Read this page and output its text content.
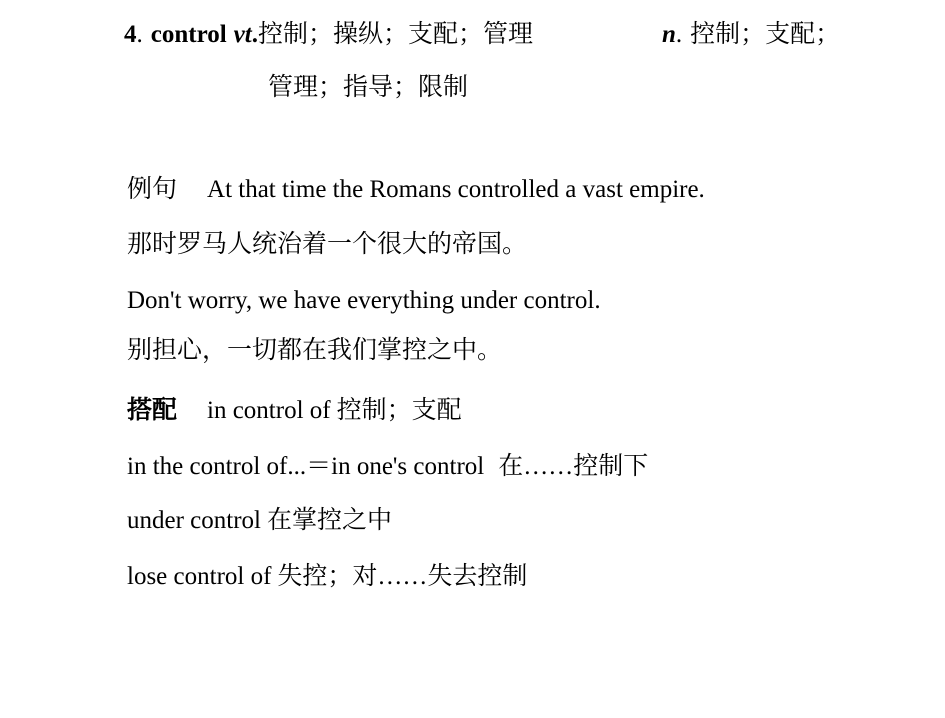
4. control vt.控制；操纵；支配；管理	n. 控制；支配；
管理；指导；限制
例句 At that time the Romans controlled a vast empire.
那时罗马人统治着一个很大的帝国。
Don't worry, we have everything under control.
别担心，一切都在我们掌控之中。
搭配 in control of 控制；支配
in the control of...＝in one's control 在……控制下
under control 在掌控之中
lose control of 失控；对……失去控制
